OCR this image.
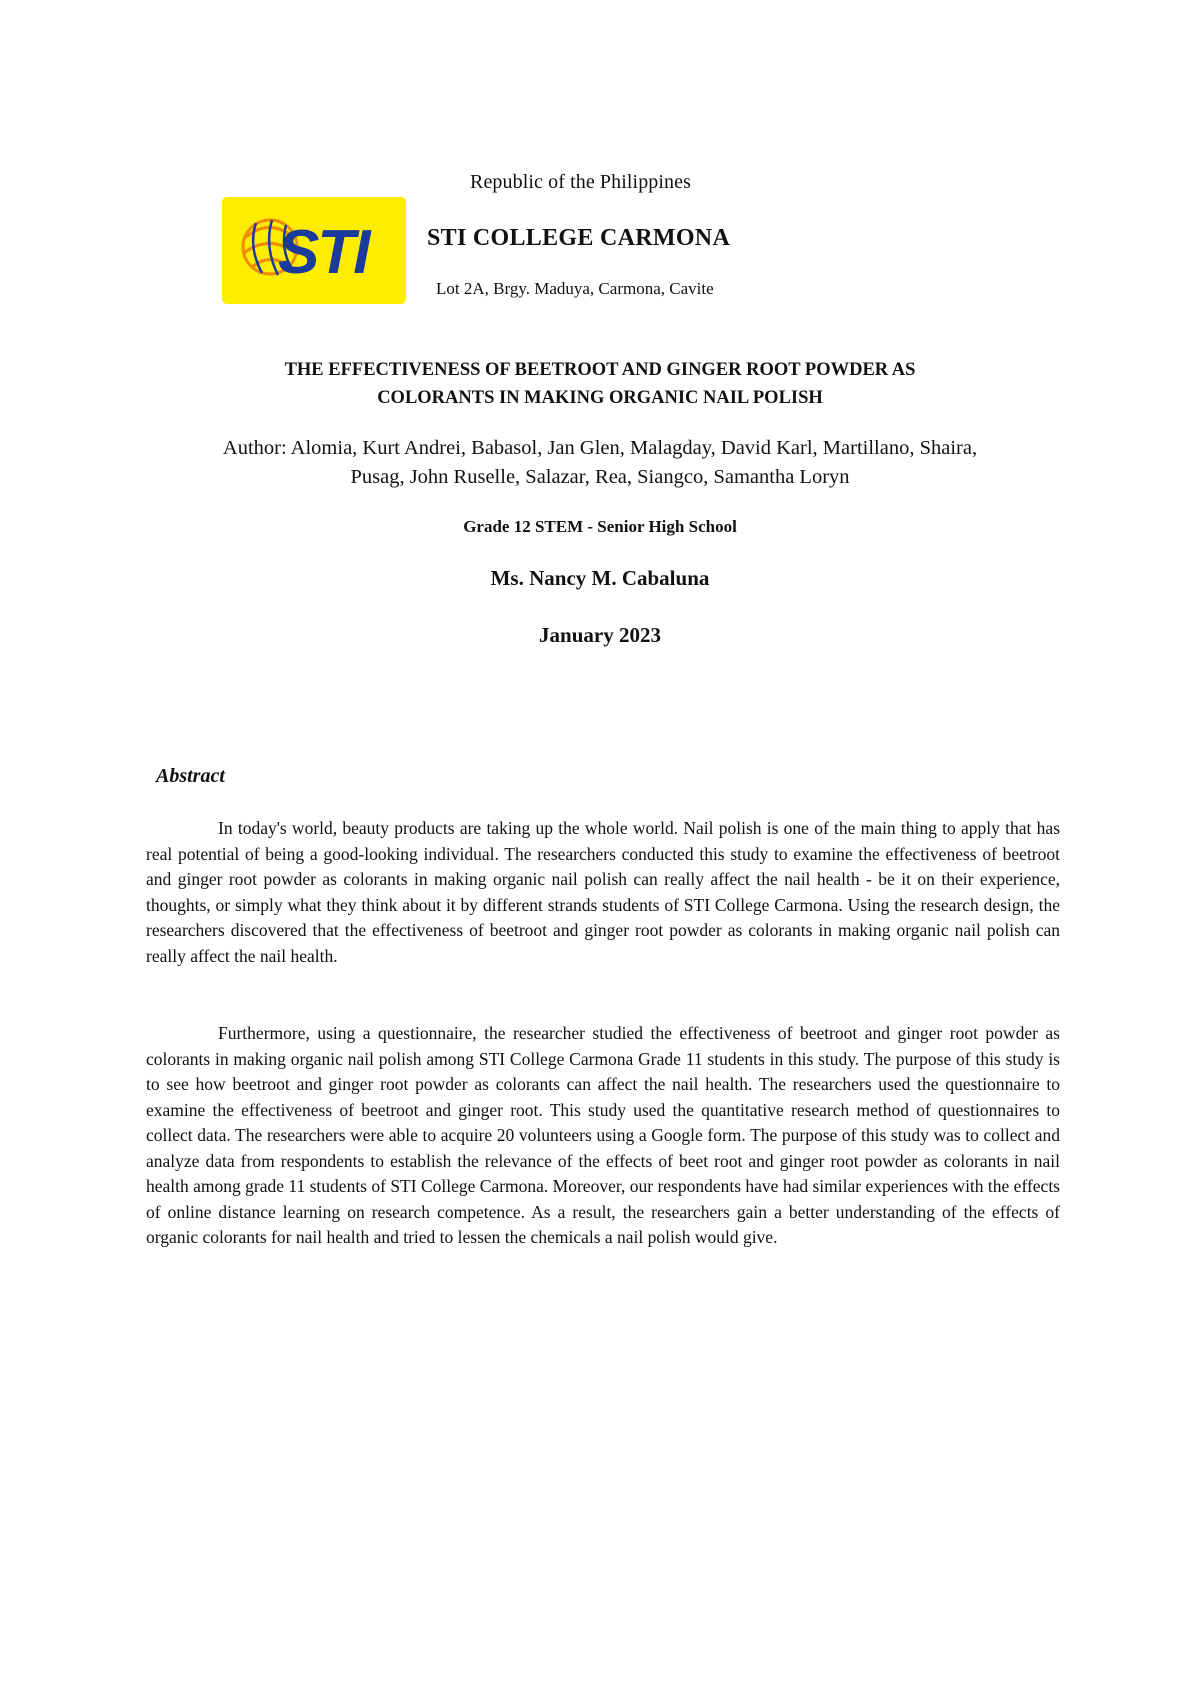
Republic of the Philippines
STI STI COLLEGE CARMONA
Lot 2A, Brgy. Maduya, Carmona, Cavite
THE EFFECTIVENESS OF BEETROOT AND GINGER ROOT POWDER AS
COLORANTS IN MAKING ORGANIC NAIL POLISH
Author: Alomia, Kurt Andrei, Babasol, Jan Glen, Malagday, David Karl, Martillano, Shaira,
Pusag, John Ruselle, Salazar, Rea, Siangco, Samantha Loryn
Grade 12 STEM - Senior High School
Ms. Nancy M. Cabaluna
January 2023
Abstract

In today's world, beauty products are taking up the whole world. Nail polish is one of the main thing to apply that has real potential of being a good-looking individual. The researchers conducted this study to examine the effectiveness of beetroot and ginger root powder as colorants in making organic nail polish can really affect the nail health - be it on their experience, thoughts, or simply what they think about it by different strands students of STI College Carmona. Using the research design, the researchers discovered that the effectiveness of beetroot and ginger root powder as colorants in making organic nail polish can really affect the nail health.

Furthermore, using a questionnaire, the researcher studied the effectiveness of beetroot and ginger root powder as colorants in making organic nail polish among STI College Carmona Grade 11 students in this study. The purpose of this study is to see how beetroot and ginger root powder as colorants can affect the nail health. The researchers used the questionnaire to examine the effectiveness of beetroot and ginger root. This study used the quantitative research method of questionnaires to collect data. The researchers were able to acquire 20 volunteers using a Google form. The purpose of this study was to collect and analyze data from respondents to establish the relevance of the effects of beet root and ginger root powder as colorants in nail health among grade 11 students of STI College Carmona. Moreover, our respondents have had similar experiences with the effects of online distance learning on research competence. As a result, the researchers gain a better understanding of the effects of organic colorants for nail health and tried to lessen the chemicals a nail polish would give.
